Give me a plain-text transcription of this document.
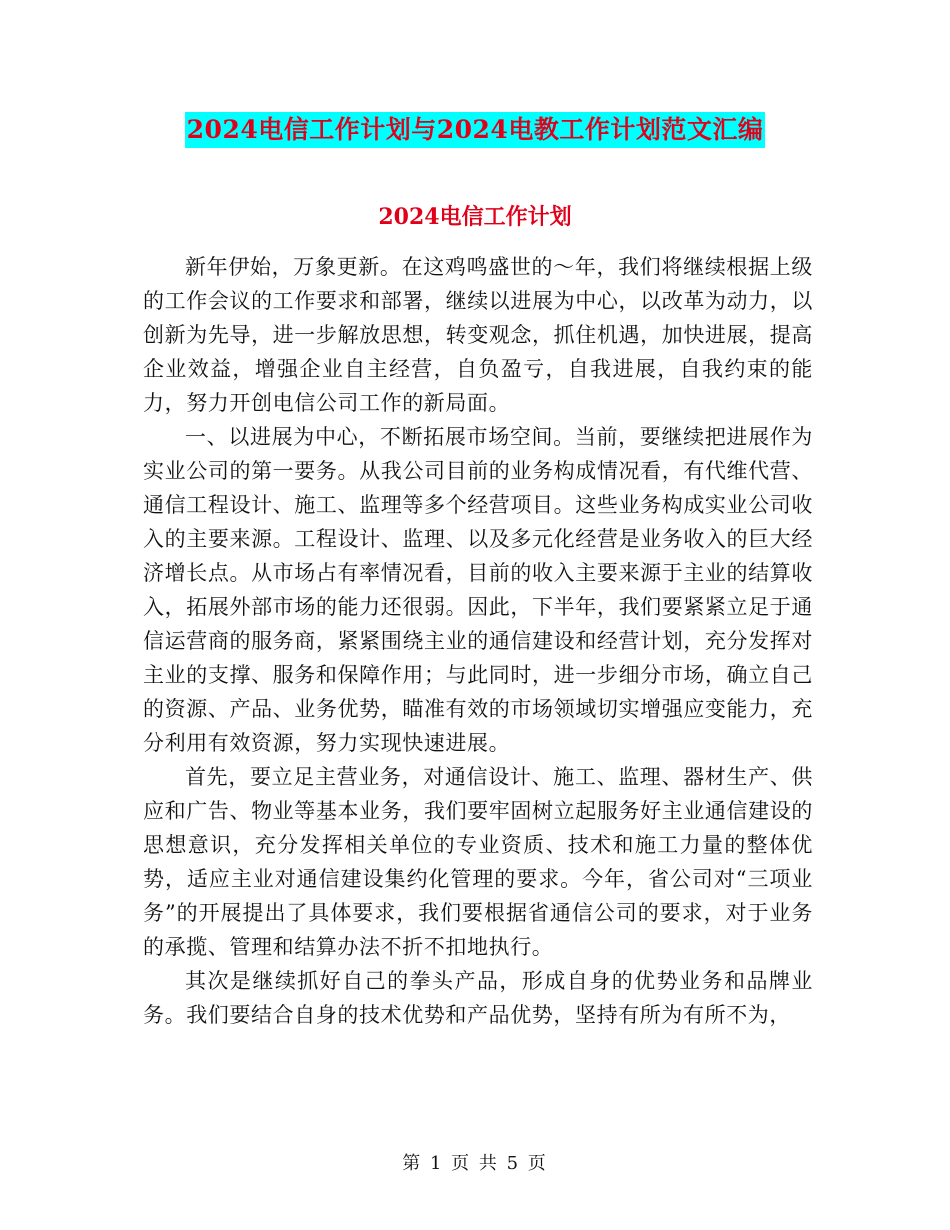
2024电信工作计划与2024电教工作计划范文汇编
2024电信工作计划

新年伊始，万象更新。在这鸡鸣盛世的～年，我们将继续根据上级的工作会议的工作要求和部署，继续以进展为中心，以改革为动力，以创新为先导，进一步解放思想，转变观念，抓住机遇，加快进展，提高企业效益，增强企业自主经营，自负盈亏，自我进展，自我约束的能力，努力开创电信公司工作的新局面。

一、以进展为中心，不断拓展市场空间。当前，要继续把进展作为实业公司的第一要务。从我公司目前的业务构成情况看，有代维代营、通信工程设计、施工、监理等多个经营项目。这些业务构成实业公司收入的主要来源。工程设计、监理、以及多元化经营是业务收入的巨大经济增长点。从市场占有率情况看，目前的收入主要来源于主业的结算收入，拓展外部市场的能力还很弱。因此，下半年，我们要紧紧立足于通信运营商的服务商，紧紧围绕主业的通信建设和经营计划，充分发挥对主业的支撑、服务和保障作用；与此同时，进一步细分市场，确立自己的资源、产品、业务优势，瞄准有效的市场领域切实增强应变能力，充分利用有效资源，努力实现快速进展。

首先，要立足主营业务，对通信设计、施工、监理、器材生产、供应和广告、物业等基本业务，我们要牢固树立起服务好主业通信建设的思想意识，充分发挥相关单位的专业资质、技术和施工力量的整体优势，适应主业对通信建设集约化管理的要求。今年，省公司对“三项业务”的开展提出了具体要求，我们要根据省通信公司的要求，对于业务的承揽、管理和结算办法不折不扣地执行。

其次是继续抓好自己的拳头产品，形成自身的优势业务和品牌业务。我们要结合自身的技术优势和产品优势，坚持有所为有所不为，

第 1 页 共 5 页
